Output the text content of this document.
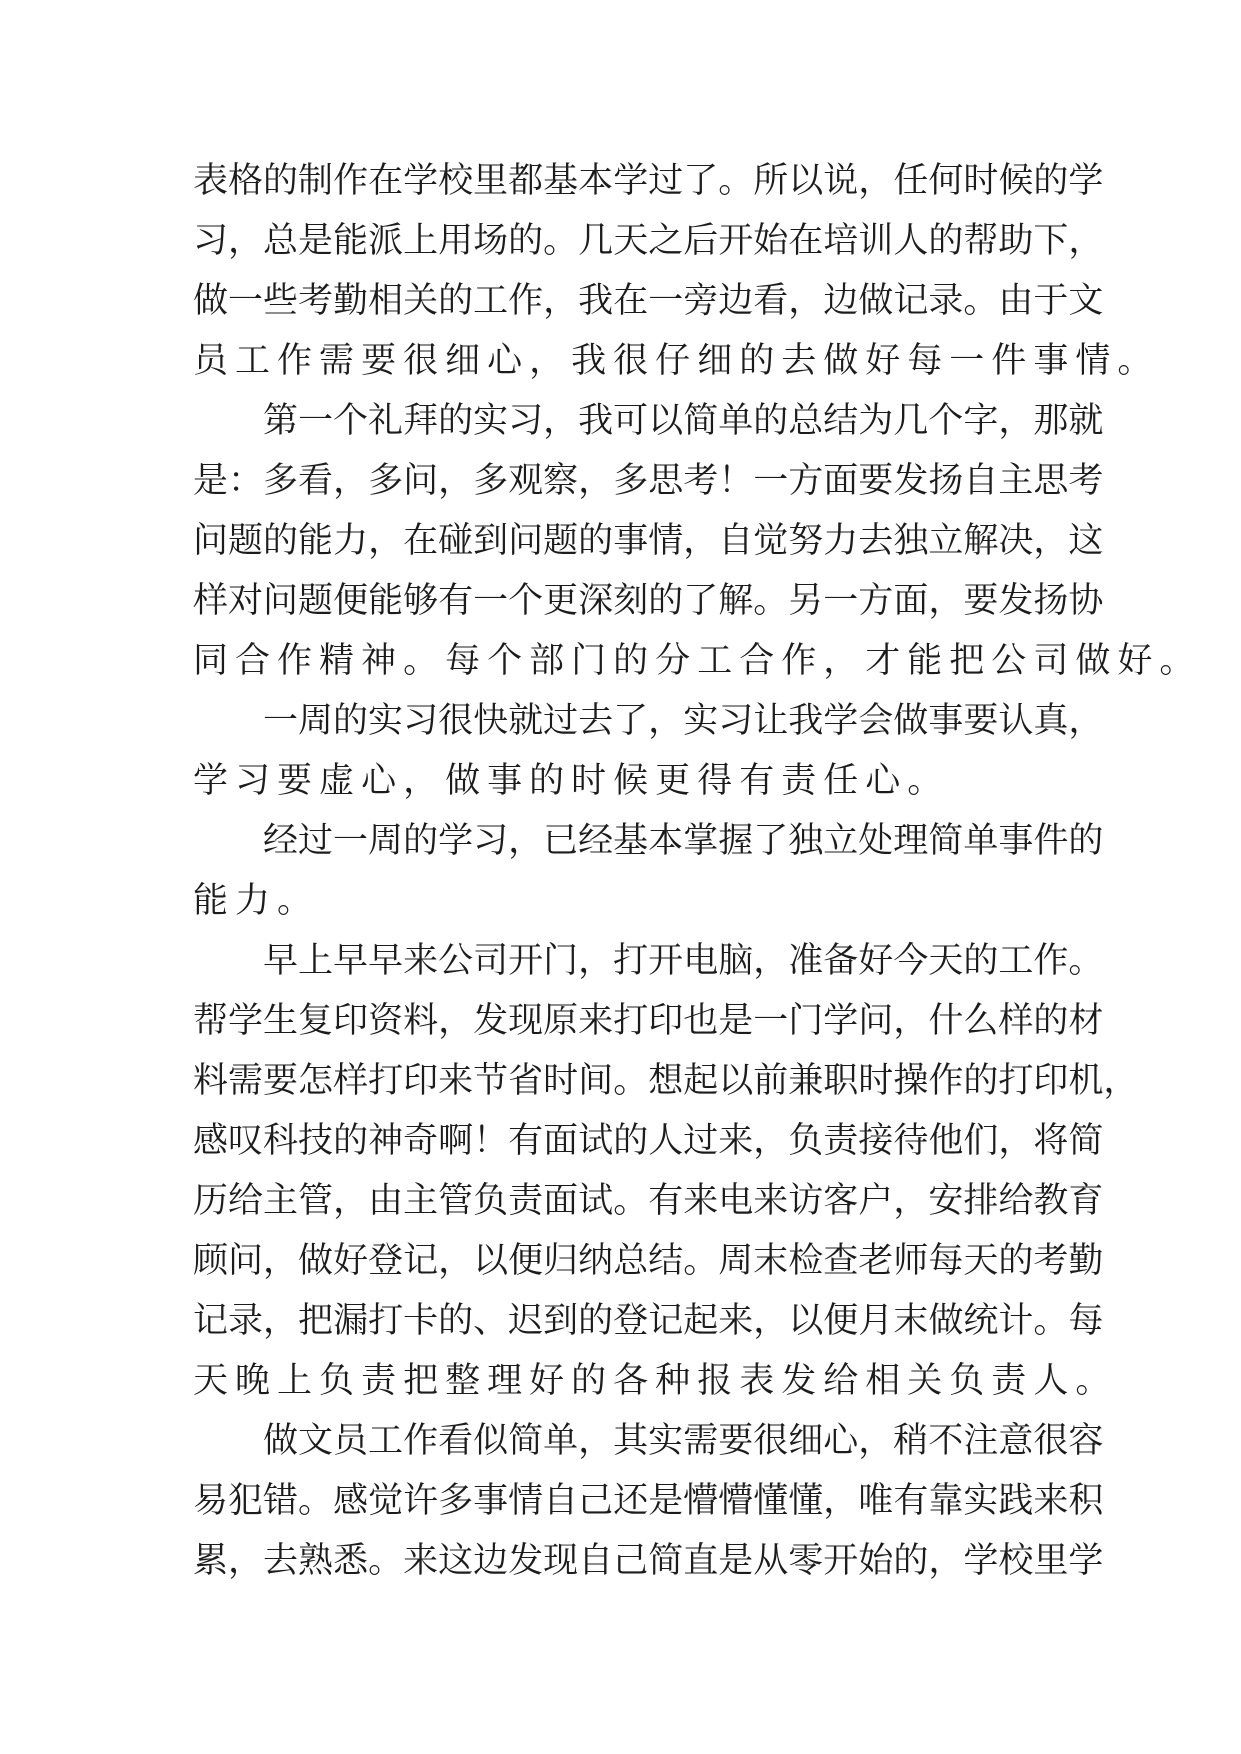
表 格 的 制 作 在 学 校 里 都 基 本 学 过 了 。 所 以 说 ， 任 何 时 候 的 学
习 ， 总 是 能 派 上 用 场 的 。 几 天 之 后 开 始 在 培 训 人 的 帮 助 下 ，
做 一 些 考 勤 相 关 的 工 作 ， 我 在 一 旁 边 看 ， 边 做 记 录 。 由 于 文
员 工 作 需 要 很 细 心 ， 我 很 仔 细 的 去 做 好 每 一 件 事 情 。
第 一 个 礼 拜 的 实 习 ， 我 可 以 简 单 的 总 结 为 几 个 字 ， 那 就
是 ： 多 看 ， 多 问 ， 多 观 察 ， 多 思 考 ！ 一 方 面 要 发 扬 自 主 思 考
问 题 的 能 力 ， 在 碰 到 问 题 的 事 情 ， 自 觉 努 力 去 独 立 解 决 ， 这
样 对 问 题 便 能 够 有 一 个 更 深 刻 的 了 解 。 另 一 方 面 ， 要 发 扬 协
同 合 作 精 神 。 每 个 部 门 的 分 工 合 作 ， 才 能 把 公 司 做 好 。
一 周 的 实 习 很 快 就 过 去 了 ， 实 习 让 我 学 会 做 事 要 认 真 ，
学 习 要 虚 心 ， 做 事 的 时 候 更 得 有 责 任 心 。
经 过 一 周 的 学 习 ， 已 经 基 本 掌 握 了 独 立 处 理 简 单 事 件 的
能 力 。
早 上 早 早 来 公 司 开 门 ， 打 开 电 脑 ， 准 备 好 今 天 的 工 作 。
帮 学 生 复 印 资 料 ， 发 现 原 来 打 印 也 是 一 门 学 问 ， 什 么 样 的 材
料 需 要 怎 样 打 印 来 节 省 时 间 。 想 起 以 前 兼 职 时 操 作 的 打 印 机 ，
感 叹 科 技 的 神 奇 啊 ！ 有 面 试 的 人 过 来 ， 负 责 接 待 他 们 ， 将 简
历 给 主 管 ， 由 主 管 负 责 面 试 。 有 来 电 来 访 客 户 ， 安 排 给 教 育
顾 问 ， 做 好 登 记 ， 以 便 归 纳 总 结 。 周 末 检 查 老 师 每 天 的 考 勤
记 录 ， 把 漏 打 卡 的 、 迟 到 的 登 记 起 来 ， 以 便 月 末 做 统 计 。 每
天 晚 上 负 责 把 整 理 好 的 各 种 报 表 发 给 相 关 负 责 人 。
做 文 员 工 作 看 似 简 单 ， 其 实 需 要 很 细 心 ， 稍 不 注 意 很 容
易 犯 错 。 感 觉 许 多 事 情 自 己 还 是 懵 懵 懂 懂 ， 唯 有 靠 实 践 来 积
累 ， 去 熟 悉 。 来 这 边 发 现 自 己 简 直 是 从 零 开 始 的 ， 学 校 里 学
